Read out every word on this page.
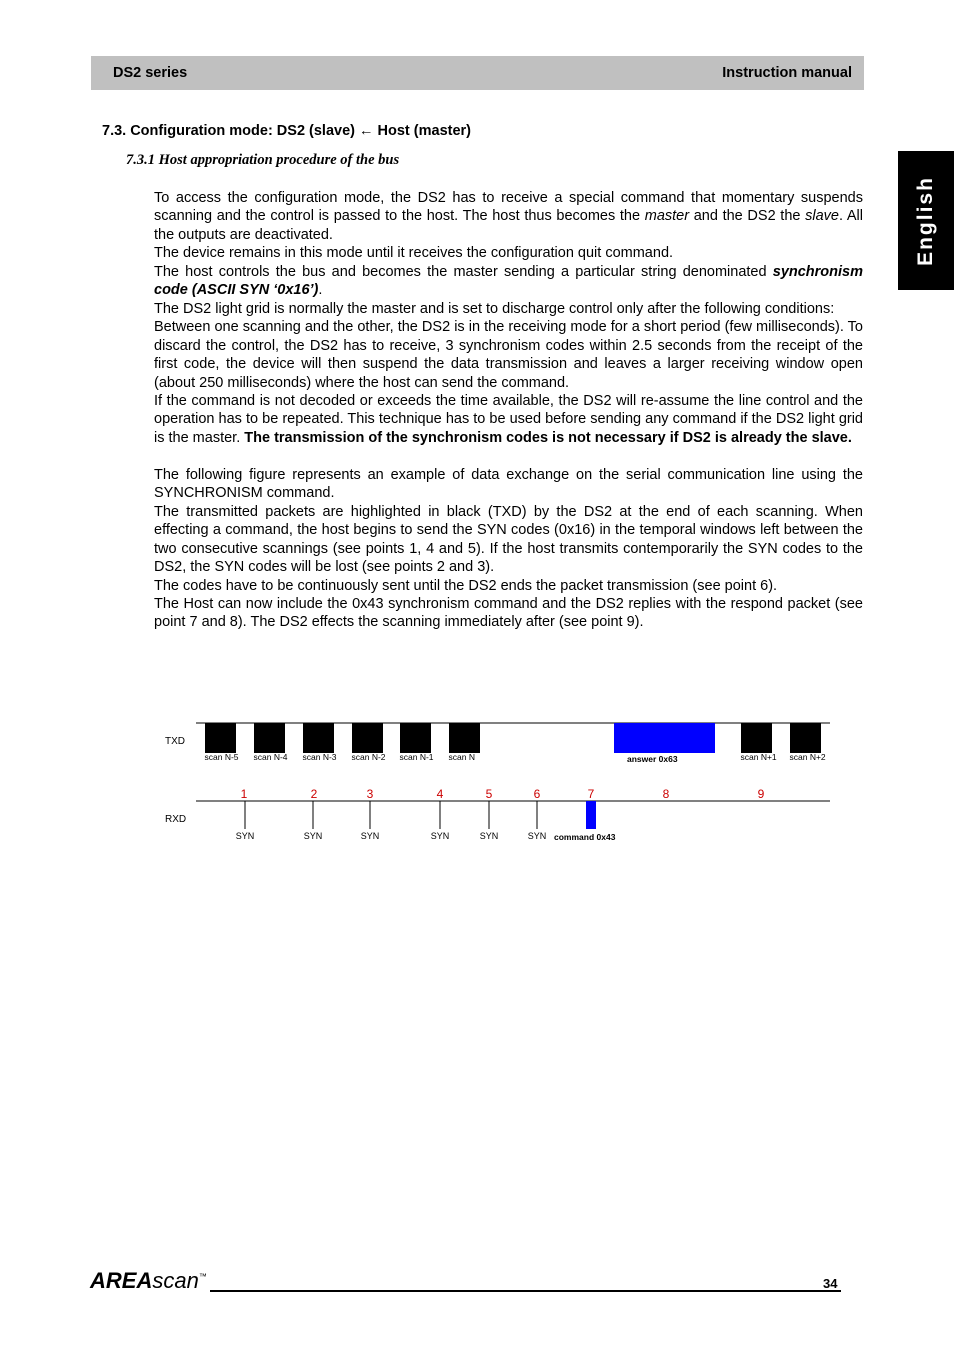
DS2 series	Instruction manual
English
7.3. Configuration mode: DS2 (slave) ← Host (master)
7.3.1 Host appropriation procedure of the bus

To access the configuration mode, the DS2 has to receive a special command that momentary suspends scanning and the control is passed to the host. The host thus becomes the master and the DS2 the slave. All the outputs are deactivated.

The device remains in this mode until it receives the configuration quit command.

The host controls the bus and becomes the master sending a particular string denominated synchronism code (ASCII SYN ‘0x16’).

The DS2 light grid is normally the master and is set to discharge control only after the following conditions:

Between one scanning and the other, the DS2 is in the receiving mode for a short period (few milliseconds). To discard the control, the DS2 has to receive, 3 synchronism codes within 2.5 seconds from the receipt of the first code, the device will then suspend the data transmission and leaves a larger receiving window open (about 250 milliseconds) where the host can send the command.

If the command is not decoded or exceeds the time available, the DS2 will re-assume the line control and the operation has to be repeated. This technique has to be used before sending any command if the DS2 light grid is the master. The transmission of the synchronism codes is not necessary if DS2 is already the slave.

The following figure represents an example of data exchange on the serial communication line using the SYNCHRONISM command.

The transmitted packets are highlighted in black (TXD) by the DS2 at the end of each scanning. When effecting a command, the host begins to send the SYN codes (0x16) in the temporal windows left between the two consecutive scannings (see points 1, 4 and 5). If the host transmits contemporarily the SYN codes to the DS2, the SYN codes will be lost (see points 2 and 3).

The codes have to be continuously sent until the DS2 ends the packet transmission (see point 6).

The Host can now include the 0x43 synchronism command and the DS2 replies with the respond packet (see point 7 and 8). The DS2 effects the scanning immediately after (see point 9).

TXD
RXD
scan N-5 scan N-4 scan N-3 scan N-2 scan N-1 scan N	scan N+1 scan N+2
answer 0x63
1	2	3	4	5	6	7	8	9
SYN	SYN	SYN	SYN	SYN	SYN command 0x43
AREAscan™	34
